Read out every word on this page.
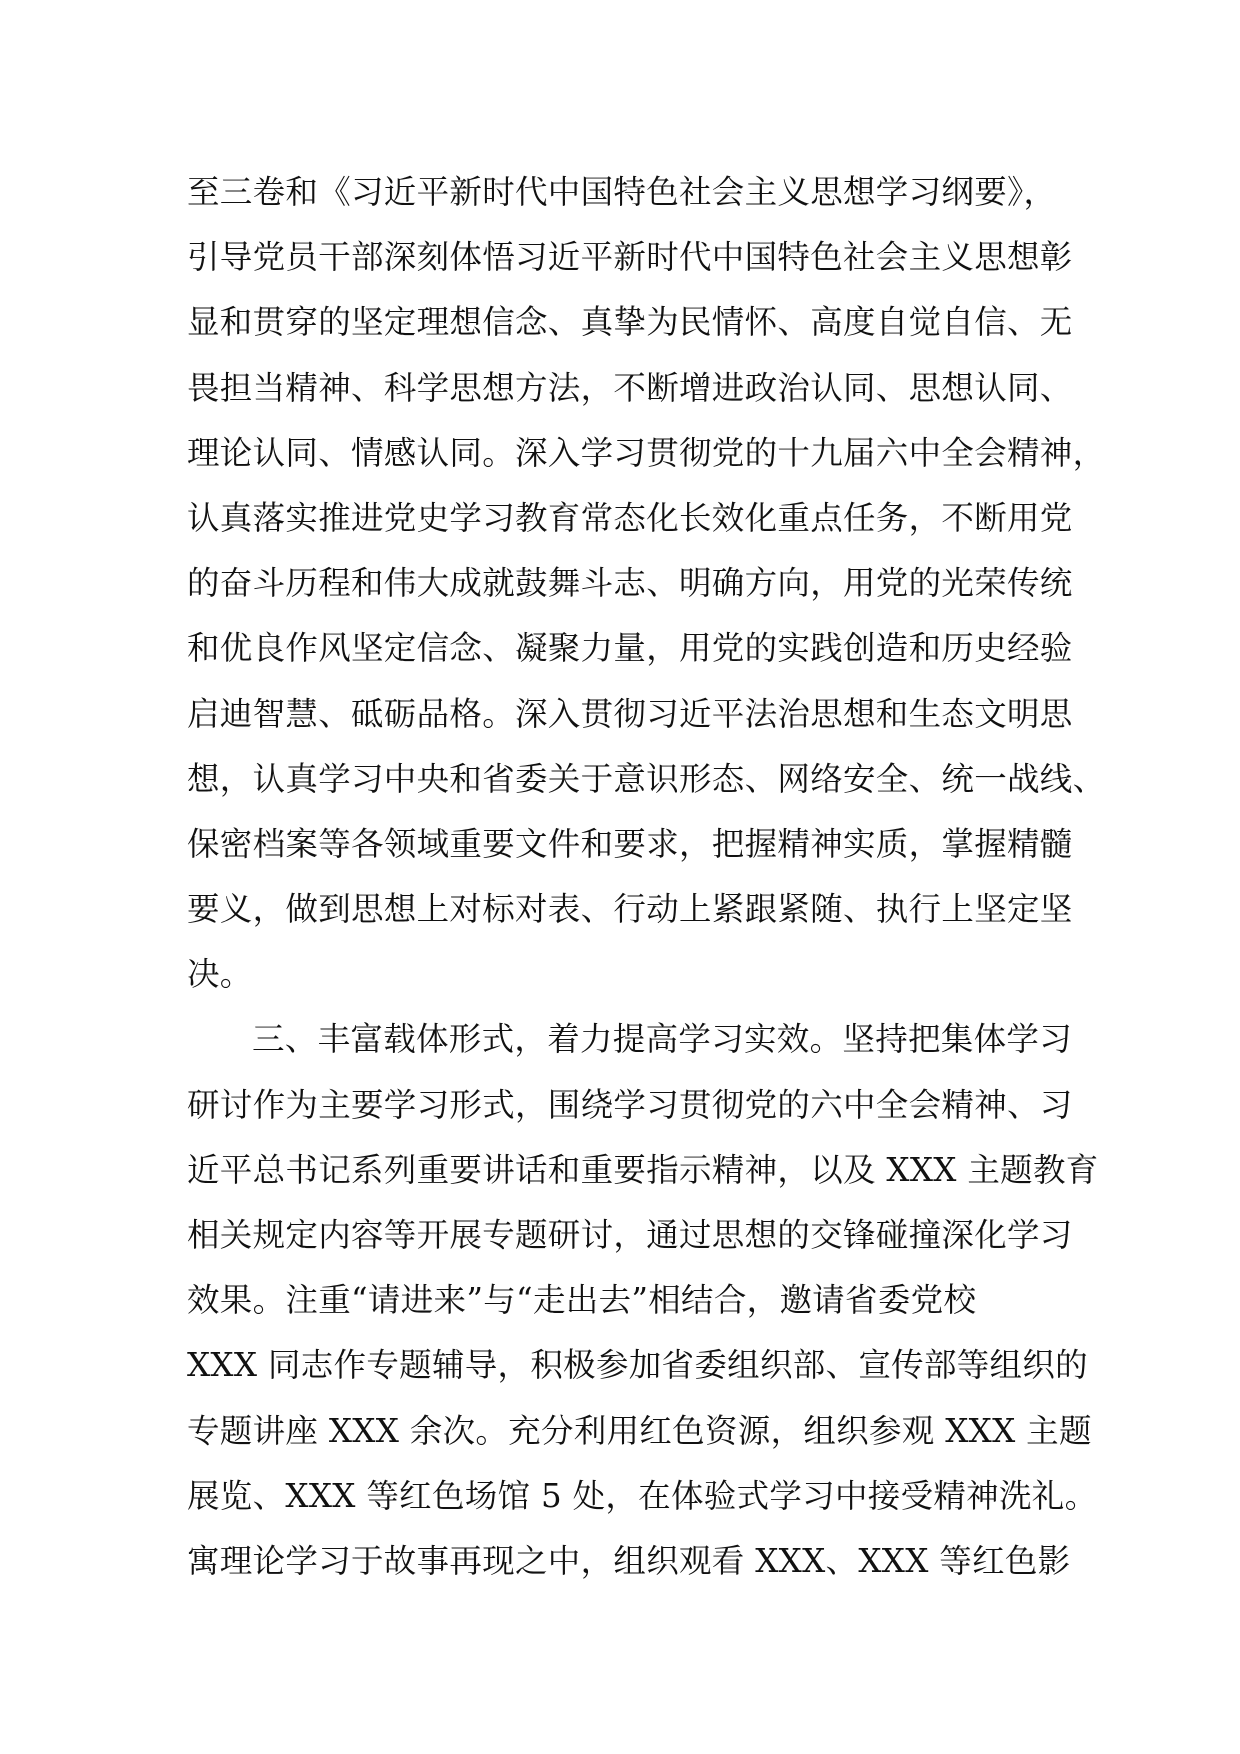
至三卷和《习近平新时代中国特色社会主义思想学习纲要》，
引导党员干部深刻体悟习近平新时代中国特色社会主义思想彰
显和贯穿的坚定理想信念、真挚为民情怀、高度自觉自信、无
畏担当精神、科学思想方法，不断增进政治认同、思想认同、
理论认同、情感认同。深入学习贯彻党的十九届六中全会精神，
认真落实推进党史学习教育常态化长效化重点任务，不断用党
的奋斗历程和伟大成就鼓舞斗志、明确方向，用党的光荣传统
和优良作风坚定信念、凝聚力量，用党的实践创造和历史经验
启迪智慧、砥砺品格。深入贯彻习近平法治思想和生态文明思
想，认真学习中央和省委关于意识形态、网络安全、统一战线、
保密档案等各领域重要文件和要求，把握精神实质，掌握精髓
要义，做到思想上对标对表、行动上紧跟紧随、执行上坚定坚
决。
三、丰富载体形式，着力提高学习实效。坚持把集体学习
研讨作为主要学习形式，围绕学习贯彻党的六中全会精神、习
近平总书记系列重要讲话和重要指示精神，以及 XXX 主题教育
相关规定内容等开展专题研讨，通过思想的交锋碰撞深化学习
效果。注重“请进来”与“走出去”相结合，邀请省委党校
XXX 同志作专题辅导，积极参加省委组织部、宣传部等组织的
专题讲座 XXX 余次。充分利用红色资源，组织参观 XXX 主题
展览、XXX 等红色场馆 5 处，在体验式学习中接受精神洗礼。
寓理论学习于故事再现之中，组织观看 XXX、XXX 等红色影
